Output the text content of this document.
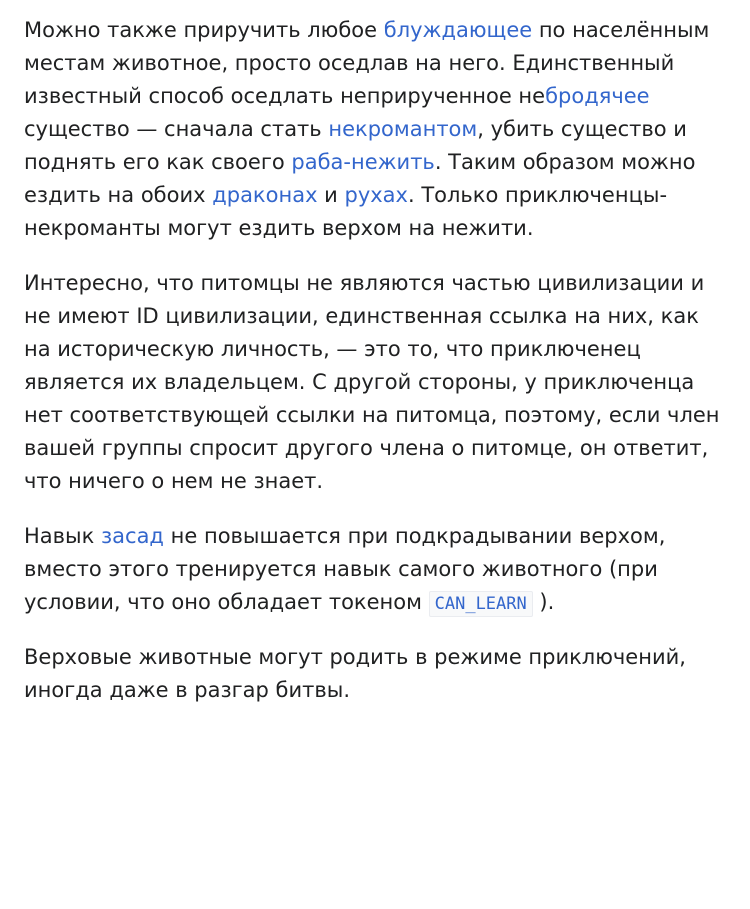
Можно также приручить любое блуждающее по населённым местам животное, просто оседлав на него. Единственный известный способ оседлать неприрученное небродячее существо — сначала стать некромантом, убить существо и поднять его как своего раба-нежить. Таким образом можно ездить на обоих драконах и рухах. Только приключенцы-некроманты могут ездить верхом на нежити.

Интересно, что питомцы не являются частью цивилизации и не имеют ID цивилизации, единственная ссылка на них, как на историческую личность, — это то, что приключенец является их владельцем. С другой стороны, у приключенца нет соответствующей ссылки на питомца, поэтому, если член вашей группы спросит другого члена о питомце, он ответит, что ничего о нем не знает.

Навык засад не повышается при подкрадывании верхом, вместо этого тренируется навык самого животного (при условии, что оно обладает токеном CAN_LEARN ).

Верховые животные могут родить в режиме приключений, иногда даже в разгар битвы.
